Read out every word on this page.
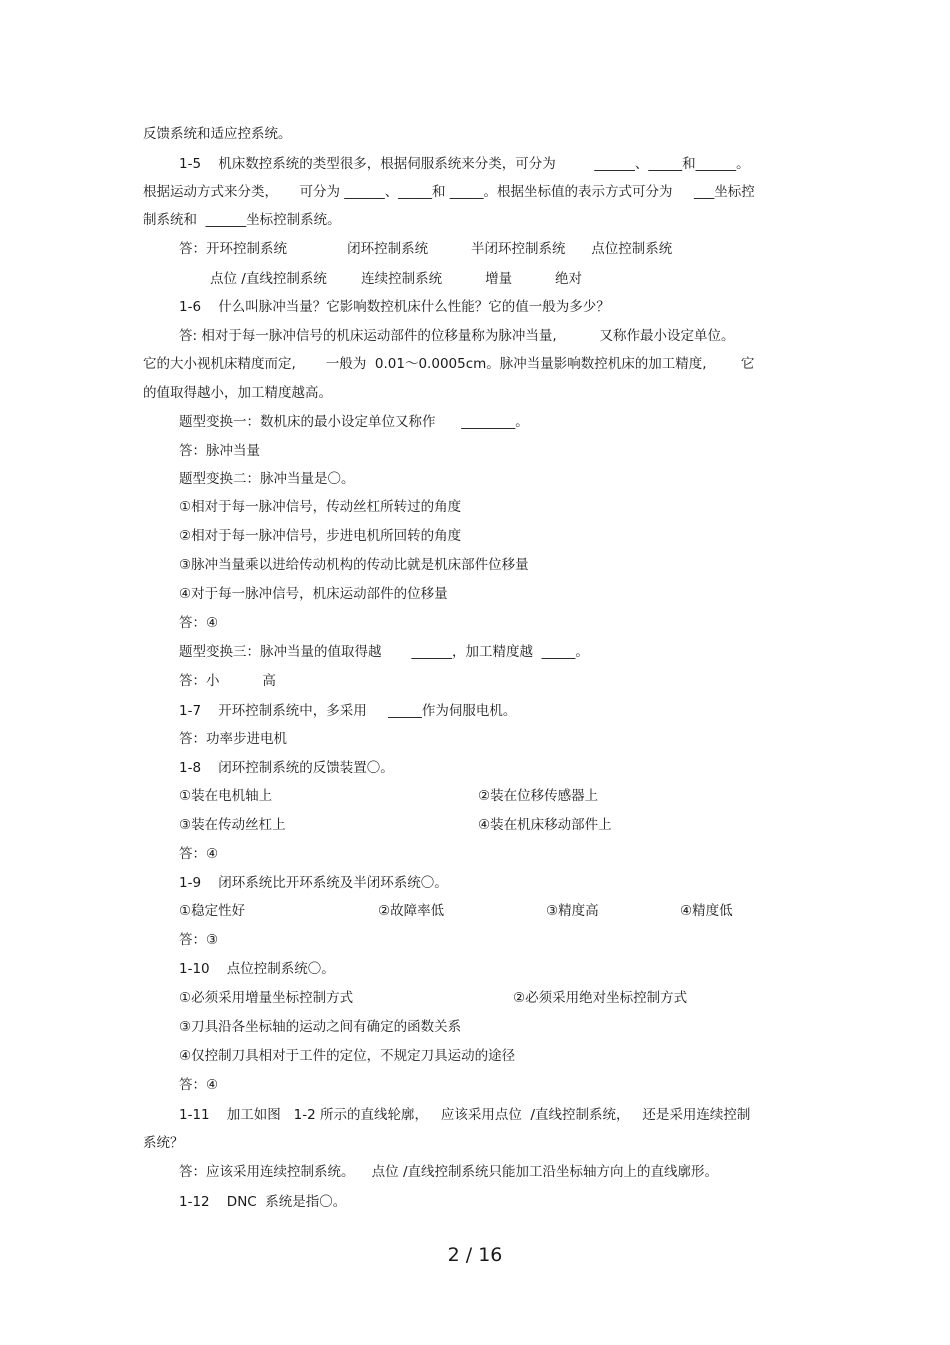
反馈系统和适应控系统。
1-5    机床数控系统的类型很多，根据伺服系统来分类，可分为         ______、_____和______。
根据运动方式来分类，     可分为 ______、_____和 _____。根据坐标值的表示方式可分为     ___坐标控
制系统和  ______坐标控制系统。
答：开环控制系统              闭环控制系统          半闭环控制系统      点位控制系统
点位 /直线控制系统        连续控制系统          增量          绝对
1-6    什么叫脉冲当量？它影响数控机床什么性能？它的值一般为多少？
答: 相对于每一脉冲信号的机床运动部件的位移量称为脉冲当量,          又称作最小设定单位。
它的大小视机床精度而定,       一般为  0.01～0.0005cm。脉冲当量影响数控机床的加工精度,        它
的值取得越小，加工精度越高。
题型变换一：数机床的最小设定单位又称作      ________。
答：脉冲当量
题型变换二：脉冲当量是〇。
①相对于每一脉冲信号，传动丝杠所转过的角度
②相对于每一脉冲信号，步进电机所回转的角度
③脉冲当量乘以进给传动机构的传动比就是机床部件位移量
④对于每一脉冲信号，机床运动部件的位移量
答：④
题型变换三：脉冲当量的值取得越       ______，加工精度越  _____。
答：小          高
1-7    开环控制系统中，多采用     _____作为伺服电机。
答：功率步进电机
1-8    闭环控制系统的反馈装置〇。
①装在电机轴上	②装在位移传感器上
③装在传动丝杠上	④装在机床移动部件上
答：④
1-9    闭环系统比开环系统及半闭环系统〇。
①稳定性好	②故障率低	③精度高	④精度低
答：③
1-10    点位控制系统〇。
①必须采用增量坐标控制方式	②必须采用绝对坐标控制方式
③刀具沿各坐标轴的运动之间有确定的函数关系
④仅控制刀具相对于工件的定位，不规定刀具运动的途径
答：④
1-11    加工如图   1-2 所示的直线轮廓，   应该采用点位  /直线控制系统，   还是采用连续控制
系统？
答：应该采用连续控制系统。    点位 /直线控制系统只能加工沿坐标轴方向上的直线廓形。
1-12    DNC  系统是指〇。
2 / 16
